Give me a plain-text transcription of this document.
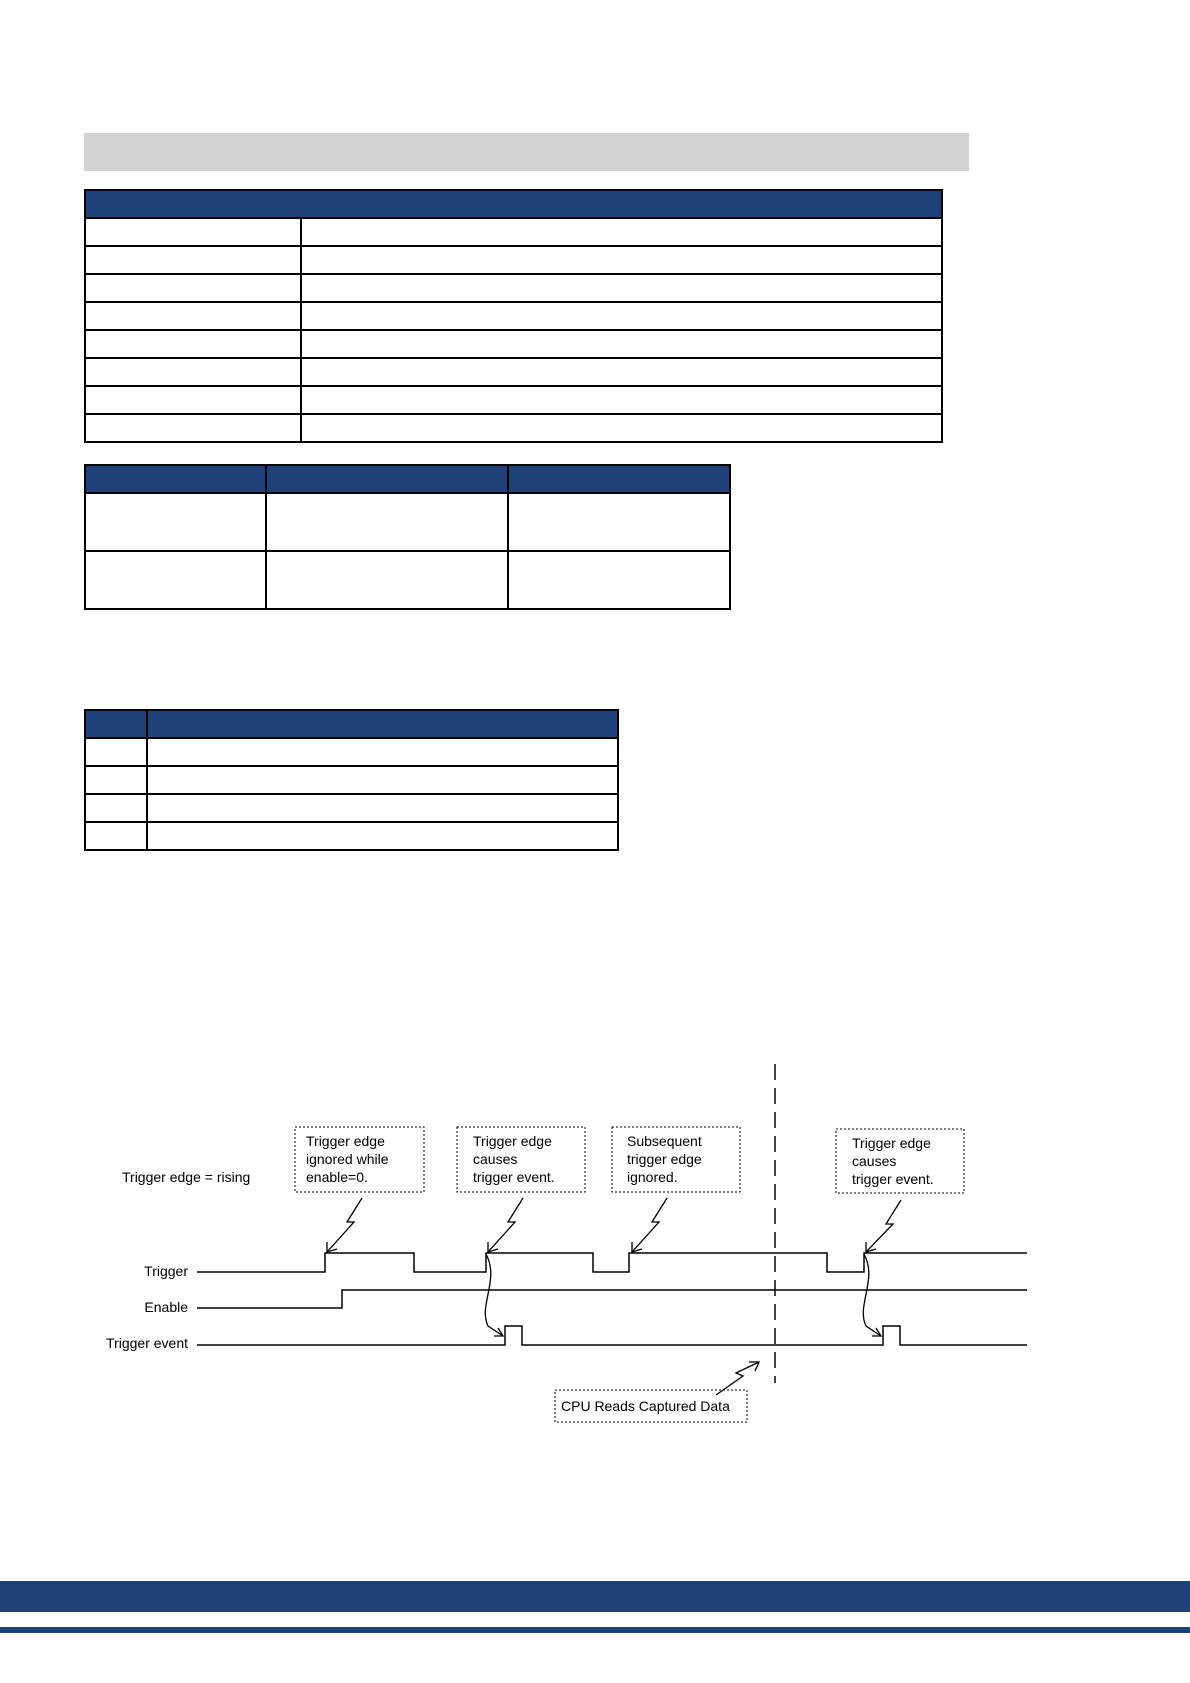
Trigger edge = rising
Trigger
Enable
Trigger event
Trigger edge
ignored while
enable=0.
Trigger edge
causes
trigger event.
Subsequent
trigger edge
ignored.
Trigger edge
causes
trigger event.
CPU Reads Captured Data
